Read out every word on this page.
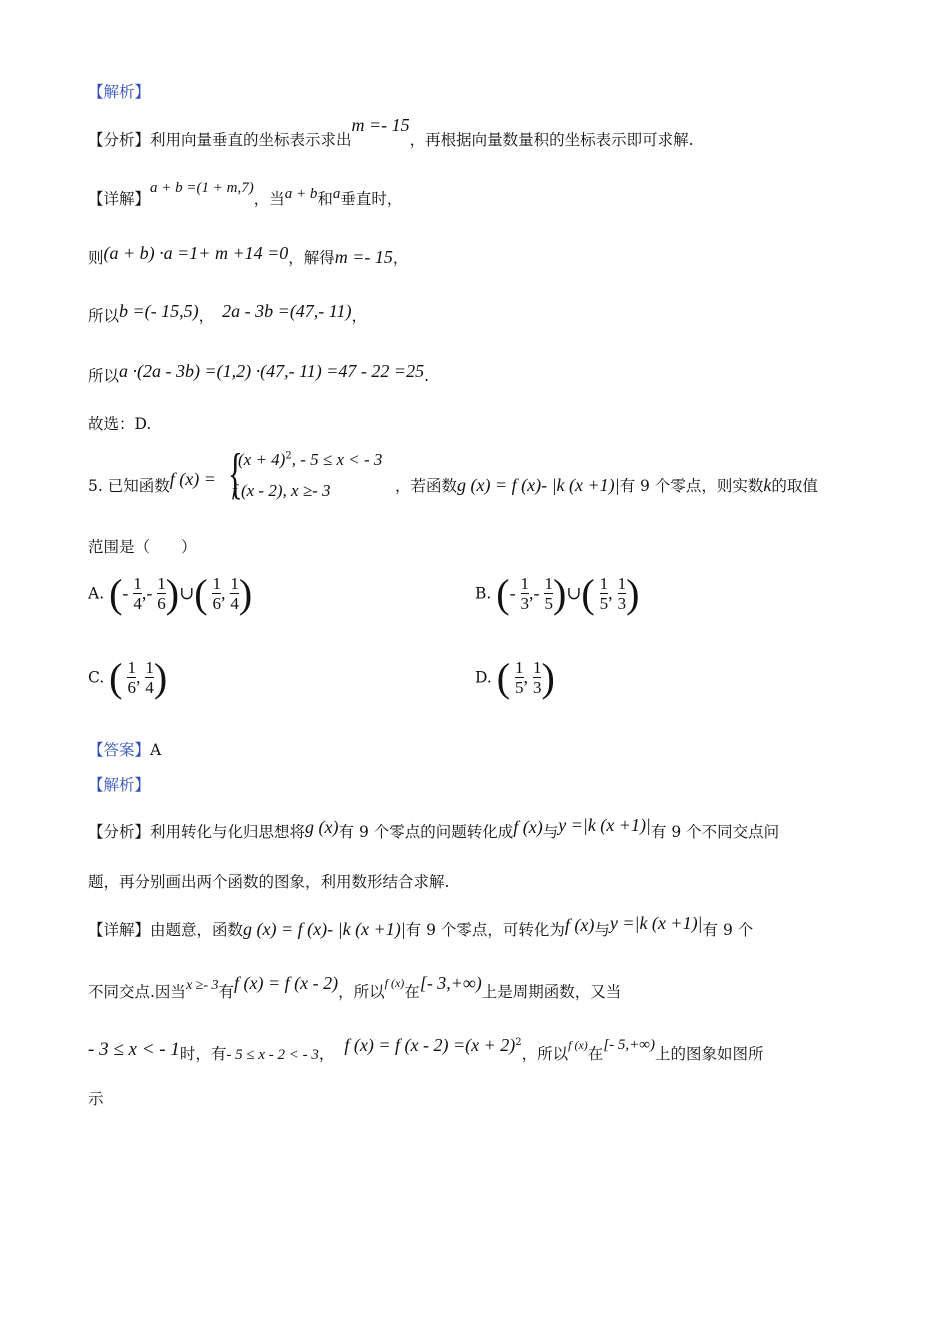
【解析】
【分析】利用向量垂直的坐标表示求出m =- 15，再根据向量数量积的坐标表示即可求解.
【详解】a + b =(1 + m,7)，当a + b和a垂直时，
则(a + b) ·a =1+ m +14 =0，解得m =- 15，
所以b =(- 15,5)， 2a - 3b =(47,- 11)，
所以a ·(2a - 3b) =(1,2) ·(47,- 11) =47 - 22 =25.
故选：D.
5. 已知函数f (x) = {
$(x + 4)^2$, - 5 ≤ x < - 3
f (x - 2), x ≥- 3	，若函数g (x) = f (x)- |k (x +1)|有 9 个零点，则实数k的取值
范围是（　　）
A. (- $\frac{1}{4}$ ,- $\frac{1}{6}$ )∪( $\frac{1}{6}$ , $\frac{1}{4}$ )	B. (- $\frac{1}{3}$ ,- $\frac{1}{5}$ )∪( $\frac{1}{5}$ , $\frac{1}{3}$ )
C. ( $\frac{1}{6}$ , $\frac{1}{4}$ )	D. ( $\frac{1}{5}$ , $\frac{1}{3}$ )
【答案】A
【解析】
【分析】利用转化与化归思想将g (x)有 9 个零点的问题转化成f (x)与y =|k (x +1)|有 9 个不同交点问
题，再分别画出两个函数的图象，利用数形结合求解.
【详解】由题意，函数g (x) = f (x)- |k (x +1)|有 9 个零点，可转化为f (x)与y =|k (x +1)|有 9 个
不同交点.因当x ≥- 3有f (x) = f (x - 2)，所以$^{f (x)}$在[- 3,+∞)上是周期函数，又当
- 3 ≤ x < - 1时，有- 5 ≤ x - 2 < - 3， f (x) = f $(x - 2) =(x + 2)^2$，所以$^{f (x)}$在[- 5,+∞)上的图象如图所
示
